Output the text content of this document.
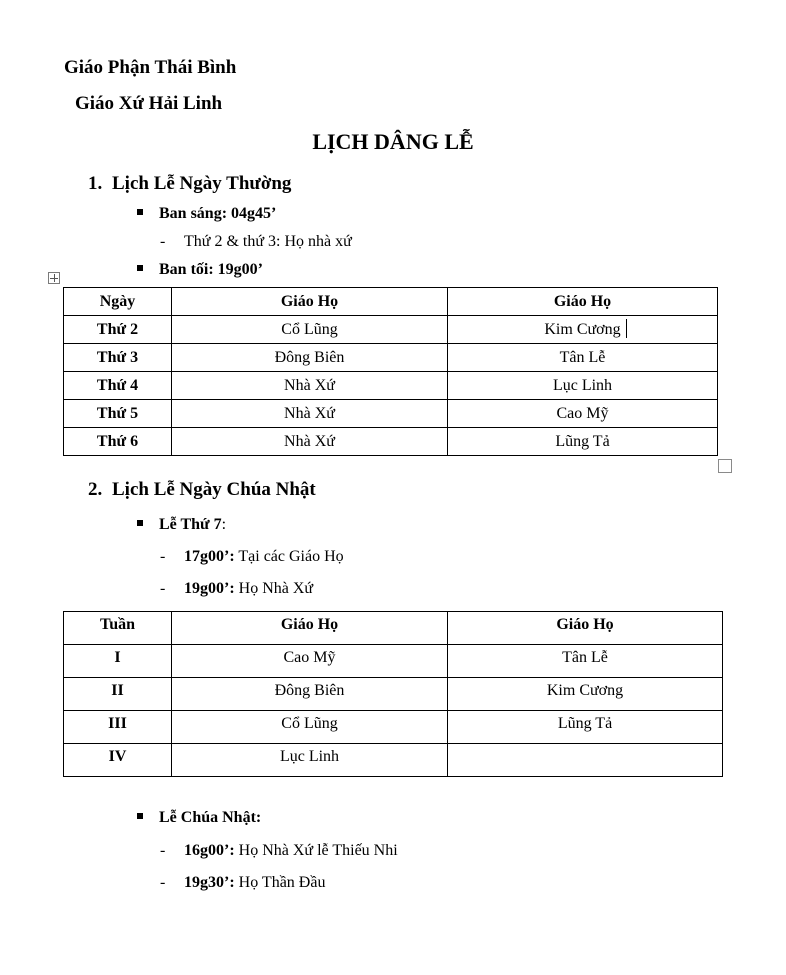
Giáo Phận Thái Bình
Giáo Xứ Hải Linh
LỊCH DÂNG LỄ
1. Lịch Lễ Ngày Thường
Ban sáng: 04g45’
- Thứ 2 & thứ 3: Họ nhà xứ
Ban tối: 19g00’
Ngày	Giáo Họ	Giáo Họ
Thứ 2	Cổ Lũng	Kim Cương
Thứ 3	Đông Biên	Tân Lễ
Thứ 4	Nhà Xứ	Lục Linh
Thứ 5	Nhà Xứ	Cao Mỹ
Thứ 6	Nhà Xứ	Lũng Tả
2. Lịch Lễ Ngày Chúa Nhật
Lễ Thứ 7:
- 17g00’: Tại các Giáo Họ
- 19g00’: Họ Nhà Xứ
Tuần	Giáo Họ	Giáo Họ
I	Cao Mỹ	Tân Lễ
II	Đông Biên	Kim Cương
III	Cổ Lũng	Lũng Tả
IV	Lục Linh	
Lễ Chúa Nhật:
- 16g00’: Họ Nhà Xứ lễ Thiếu Nhi
- 19g30’: Họ Thần Đầu
